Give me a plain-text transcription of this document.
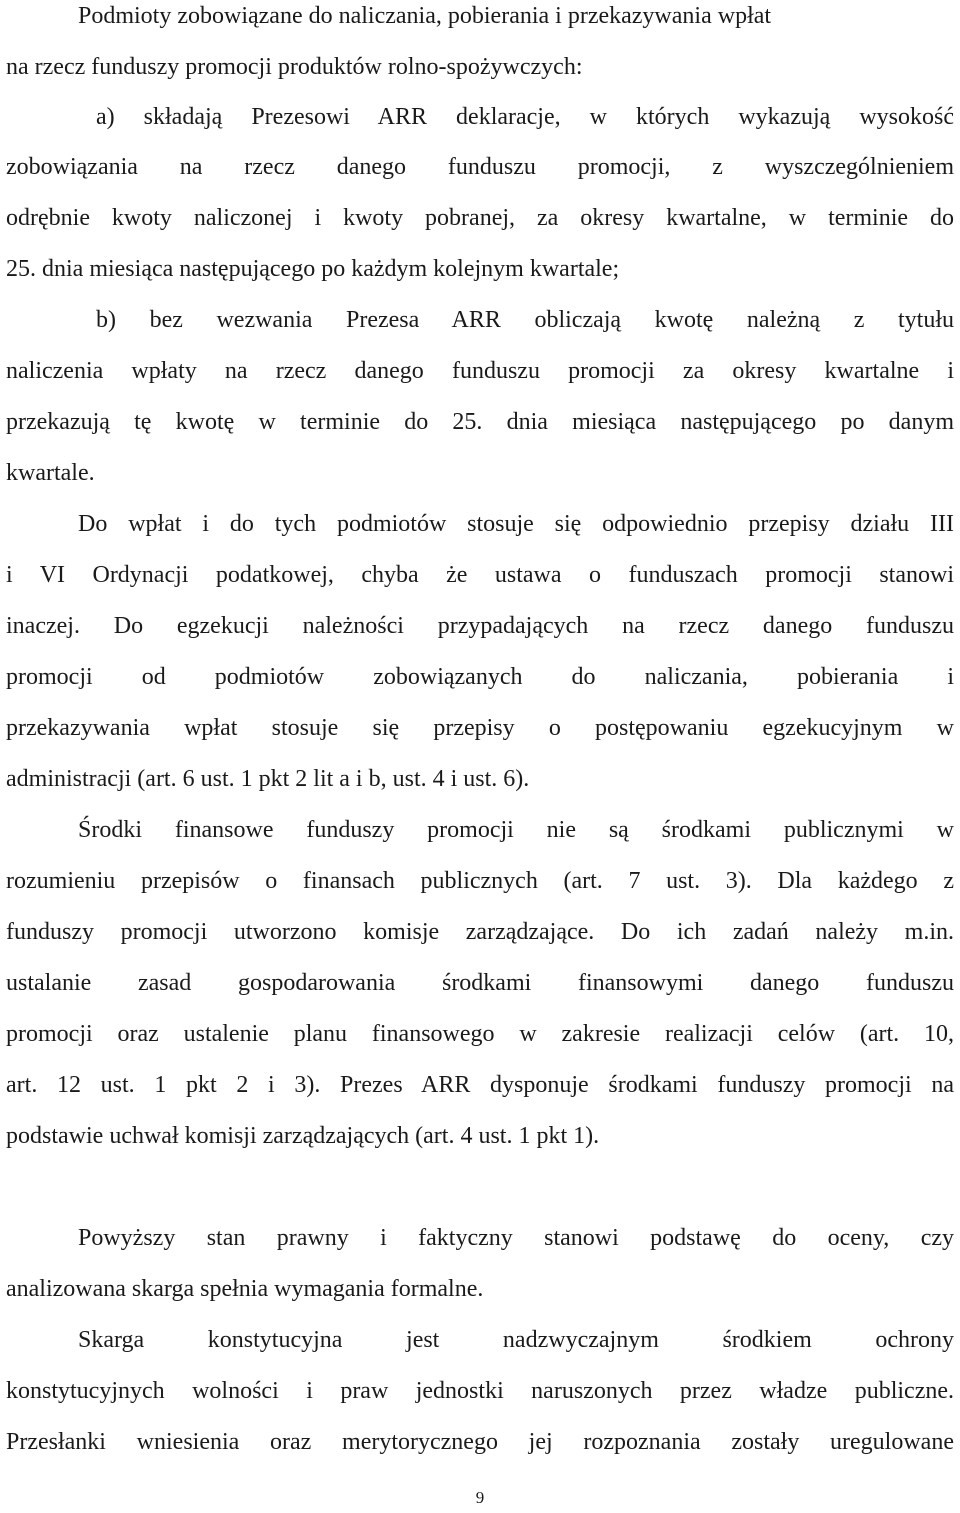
Podmioty zobowiązane do naliczania, pobierania i przekazywania wpłat
na rzecz funduszy promocji produktów rolno-spożywczych:
a) składają Prezesowi ARR deklaracje, w których wykazują wysokość
zobowiązania na rzecz danego funduszu promocji, z wyszczególnieniem
odrębnie kwoty naliczonej i kwoty pobranej, za okresy kwartalne, w terminie do
25. dnia miesiąca następującego po każdym kolejnym kwartale;
b) bez wezwania Prezesa ARR obliczają kwotę należną z tytułu
naliczenia wpłaty na rzecz danego funduszu promocji za okresy kwartalne i
przekazują tę kwotę w terminie do 25. dnia miesiąca następującego po danym
kwartale.
Do wpłat i do tych podmiotów stosuje się odpowiednio przepisy działu III
i VI Ordynacji podatkowej, chyba że ustawa o funduszach promocji stanowi
inaczej. Do egzekucji należności przypadających na rzecz danego funduszu
promocji od podmiotów zobowiązanych do naliczania, pobierania i
przekazywania wpłat stosuje się przepisy o postępowaniu egzekucyjnym w
administracji (art. 6 ust. 1 pkt 2 lit a i b, ust. 4 i ust. 6).
Środki finansowe funduszy promocji nie są środkami publicznymi w
rozumieniu przepisów o finansach publicznych (art. 7 ust. 3). Dla każdego z
funduszy promocji utworzono komisje zarządzające. Do ich zadań należy m.in.
ustalanie zasad gospodarowania środkami finansowymi danego funduszu
promocji oraz ustalenie planu finansowego w zakresie realizacji celów (art. 10,
art. 12 ust. 1 pkt 2 i 3). Prezes ARR dysponuje środkami funduszy promocji na
podstawie uchwał komisji zarządzających (art. 4 ust. 1 pkt 1).
Powyższy stan prawny i faktyczny stanowi podstawę do oceny, czy
analizowana skarga spełnia wymagania formalne.
Skarga konstytucyjna jest nadzwyczajnym środkiem ochrony
konstytucyjnych wolności i praw jednostki naruszonych przez władze publiczne.
Przesłanki wniesienia oraz merytorycznego jej rozpoznania zostały uregulowane
9
